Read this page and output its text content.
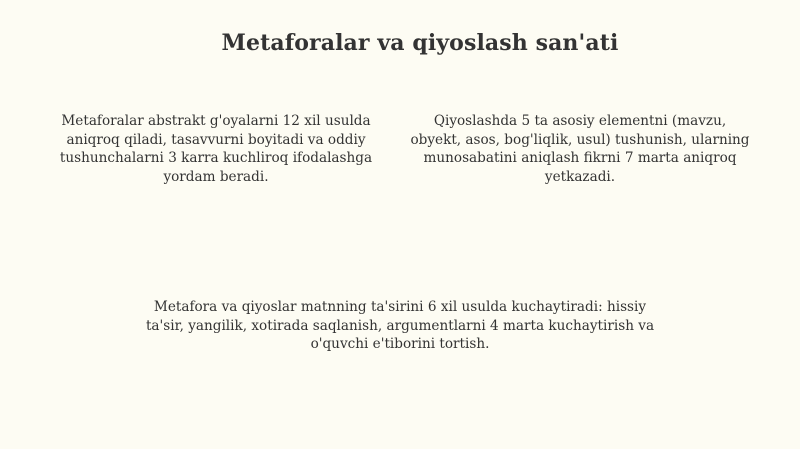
Metaforalar va qiyoslash san'ati

Metaforalar abstrakt g'oyalarni 12 xil usulda aniqroq qiladi, tasavvurni boyitadi va oddiy tushunchalarni 3 karra kuchliroq ifodalashga yordam beradi.

Qiyoslashda 5 ta asosiy elementni (mavzu, obyekt, asos, bog'liqlik, usul) tushunish, ularning munosabatini aniqlash fikrni 7 marta aniqroq yetkazadi.

Metafora va qiyoslar matnning ta'sirini 6 xil usulda kuchaytiradi: hissiy ta'sir, yangilik, xotirada saqlanish, argumentlarni 4 marta kuchaytirish va o'quvchi e'tiborini tortish.
